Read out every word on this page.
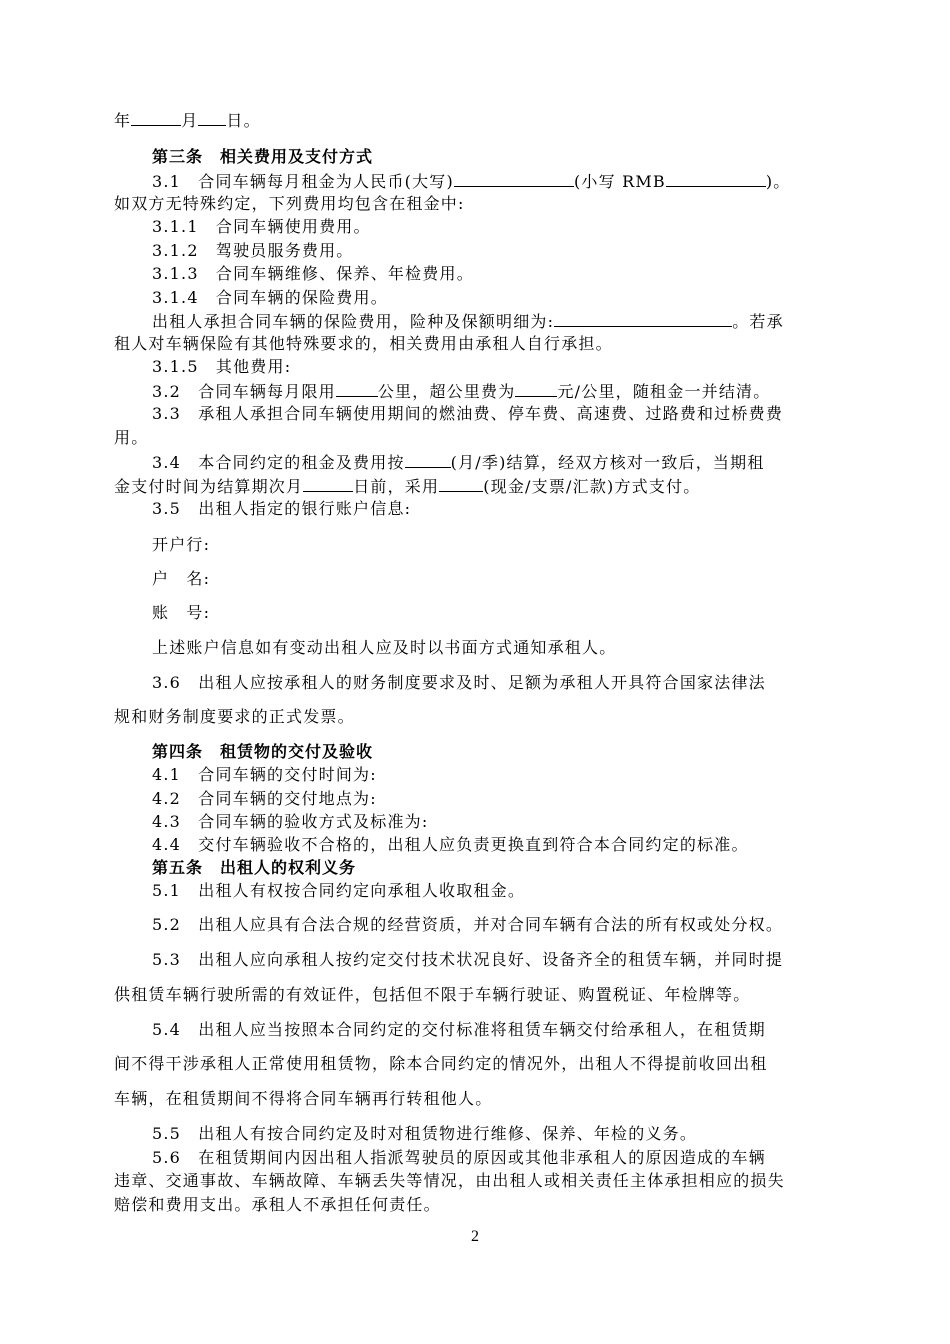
年	月 日。
第三条　相关费用及支付方式
3.1　合同车辆每月租金为人民币(大写)	(小写 RMB	)。
如双方无特殊约定，下列费用均包含在租金中:
3.1.1　合同车辆使用费用。
3.1.2　驾驶员服务费用。
3.1.3　合同车辆维修、保养、年检费用。
3.1.4　合同车辆的保险费用。
出租人承担合同车辆的保险费用，险种及保额明细为:	。若承
租人对车辆保险有其他特殊要求的，相关费用由承租人自行承担。
3.1.5　其他费用:
3.2　合同车辆每月限用	公里，超公里费为	元/公里，随租金一并结清。
3.3　承租人承担合同车辆使用期间的燃油费、停车费、高速费、过路费和过桥费费
用。
3.4　本合同约定的租金及费用按	(月/季)结算，经双方核对一致后，当期租
金支付时间为结算期次月	日前，采用	(现金/支票/汇款)方式支付。
3.5　出租人指定的银行账户信息:
开户行:
户　名:
账　号:
上述账户信息如有变动出租人应及时以书面方式通知承租人。
3.6　出租人应按承租人的财务制度要求及时、足额为承租人开具符合国家法律法
规和财务制度要求的正式发票。
第四条　租赁物的交付及验收
4.1　合同车辆的交付时间为:
4.2　合同车辆的交付地点为:
4.3　合同车辆的验收方式及标准为:
4.4　交付车辆验收不合格的，出租人应负责更换直到符合本合同约定的标准。
第五条　出租人的权利义务
5.1　出租人有权按合同约定向承租人收取租金。
5.2　出租人应具有合法合规的经营资质，并对合同车辆有合法的所有权或处分权。
5.3　出租人应向承租人按约定交付技术状况良好、设备齐全的租赁车辆，并同时提
供租赁车辆行驶所需的有效证件，包括但不限于车辆行驶证、购置税证、年检牌等。
5.4　出租人应当按照本合同约定的交付标准将租赁车辆交付给承租人，在租赁期
间不得干涉承租人正常使用租赁物，除本合同约定的情况外，出租人不得提前收回出租
车辆，在租赁期间不得将合同车辆再行转租他人。
5.5　出租人有按合同约定及时对租赁物进行维修、保养、年检的义务。
5.6　在租赁期间内因出租人指派驾驶员的原因或其他非承租人的原因造成的车辆
违章、交通事故、车辆故障、车辆丢失等情况，由出租人或相关责任主体承担相应的损失
赔偿和费用支出。承租人不承担任何责任。
2
